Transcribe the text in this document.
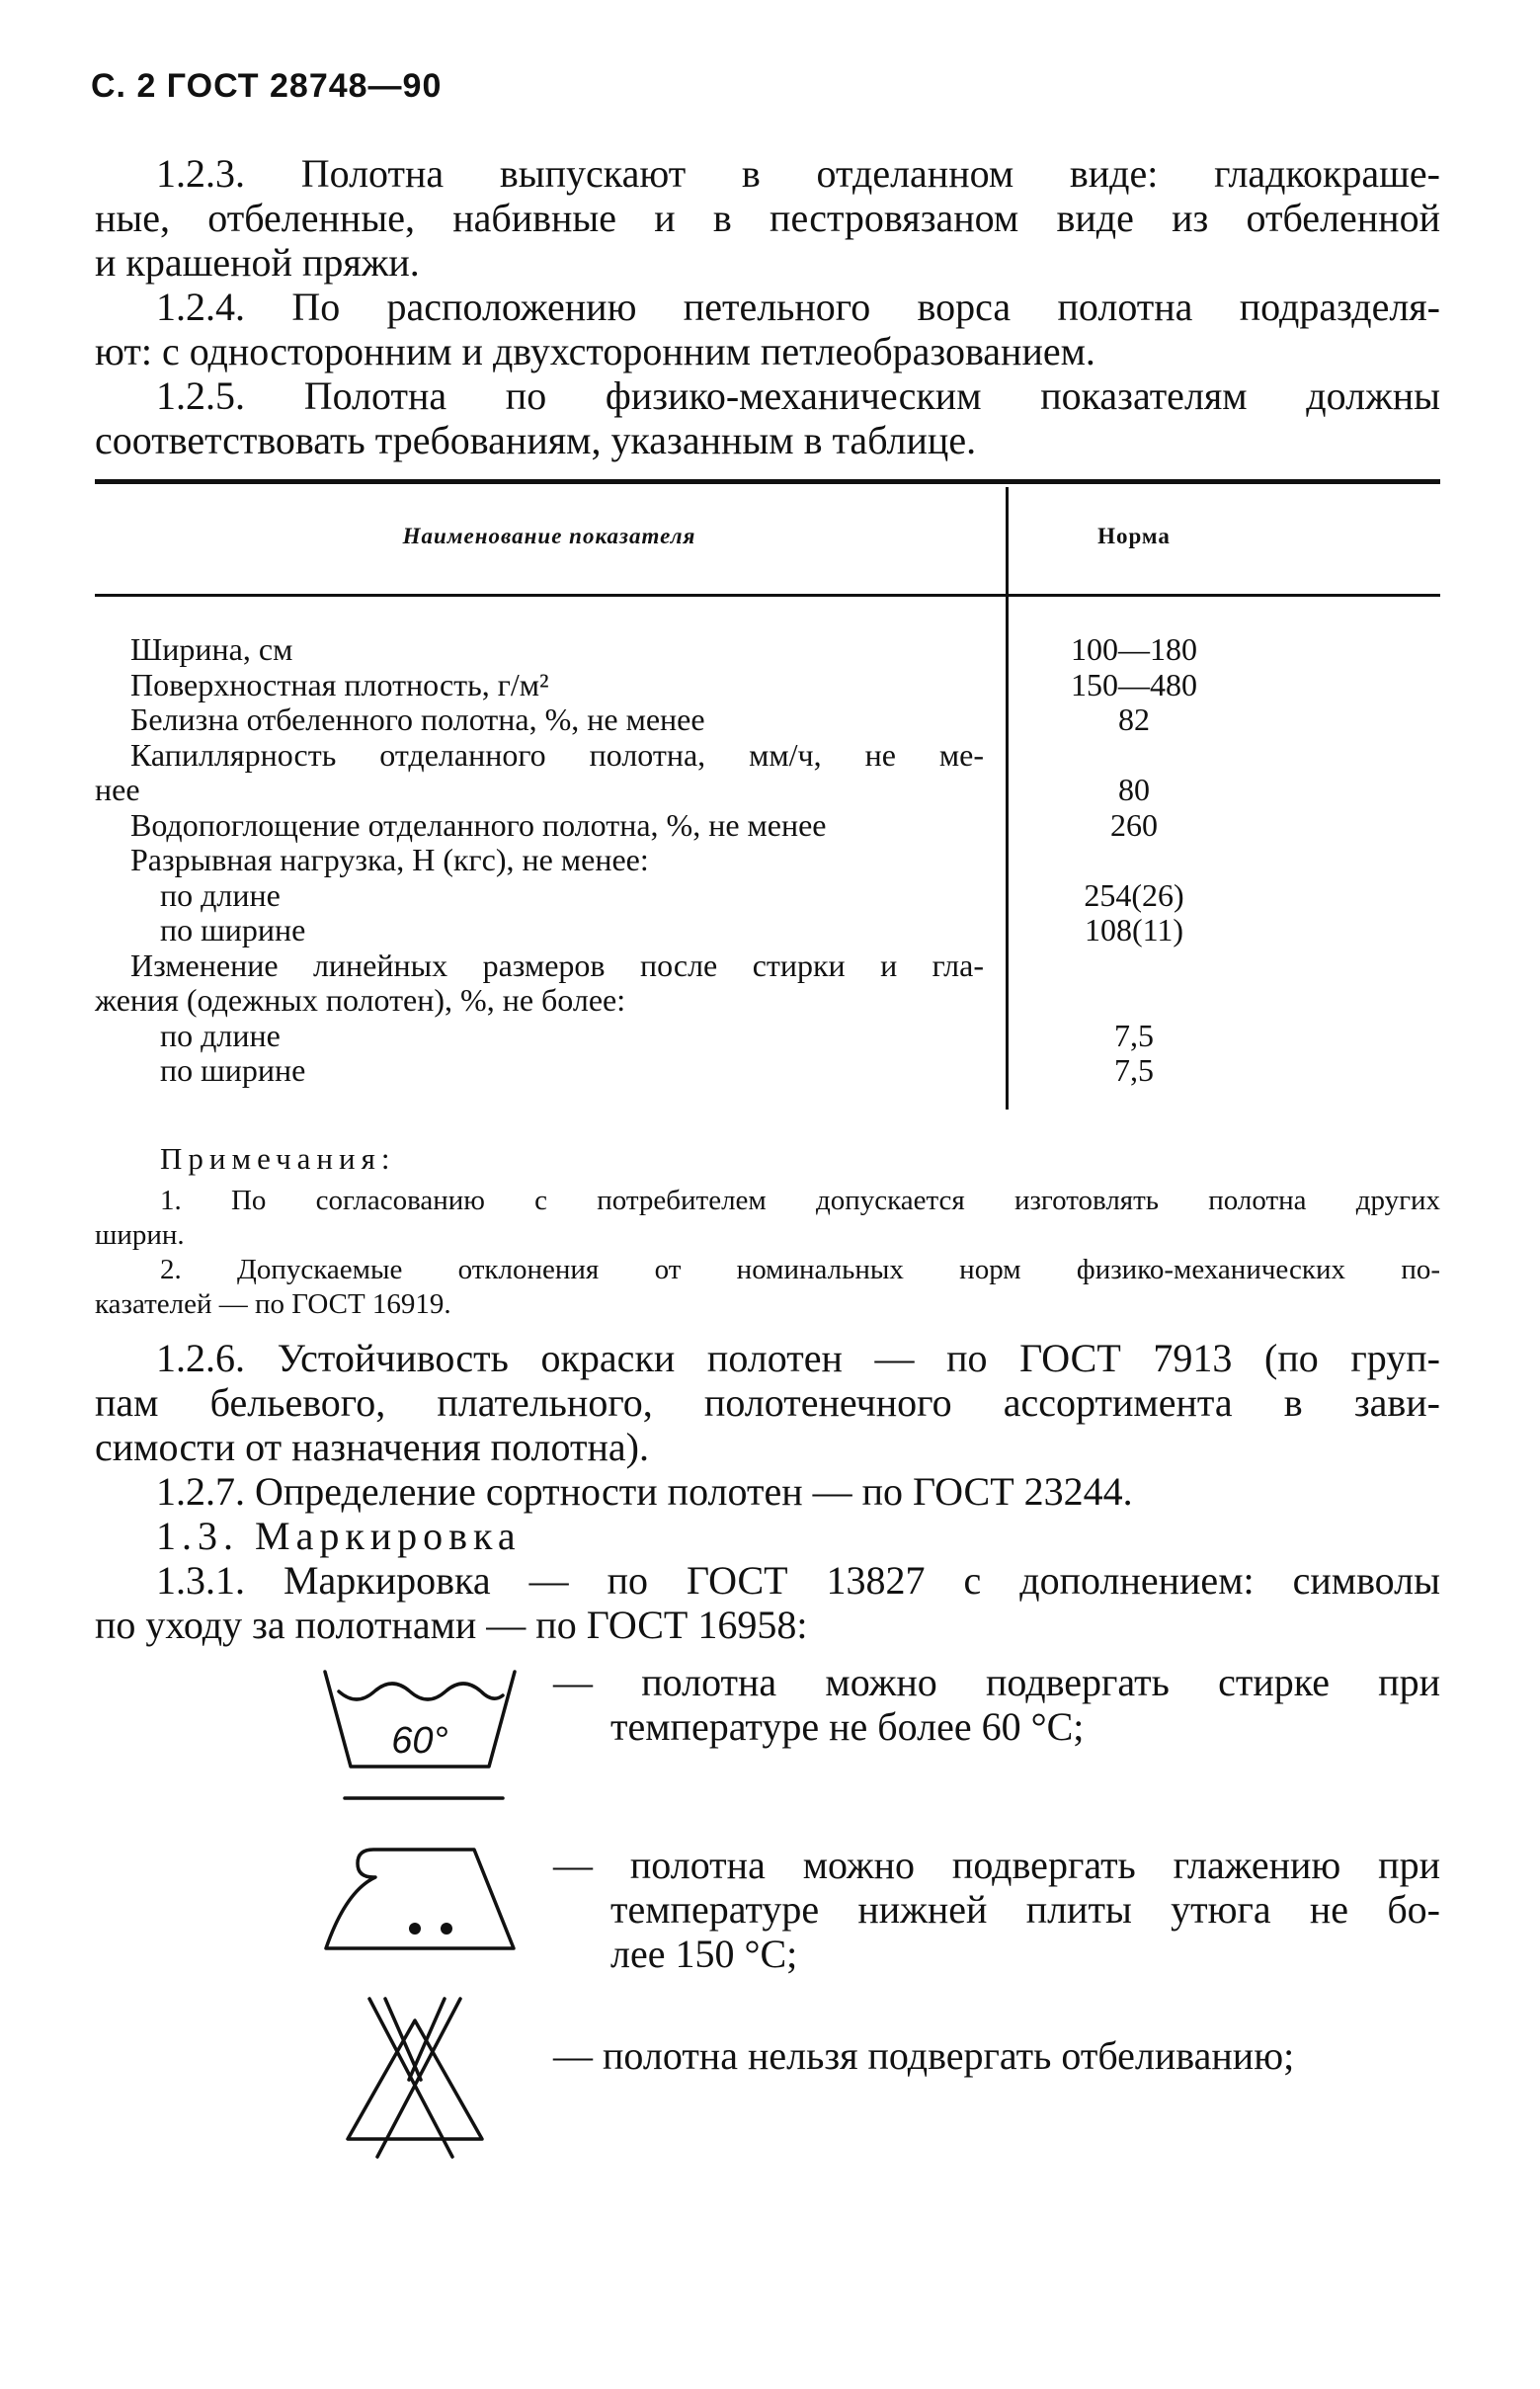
С. 2 ГОСТ 28748—90
1.2.3. Полотна выпускают в отделанном виде: гладкокраше-
ные, отбеленные, набивные и в пестровязаном виде из отбеленной
и крашеной пряжи.
1.2.4. По расположению петельного ворса полотна подразделя-
ют: с односторонним и двухсторонним петлеобразованием.
1.2.5. Полотна по физико-механическим показателям должны
соответствовать требованиям, указанным в таблице.
Наименование показателя	Норма
Ширина, см
Поверхностная плотность, г/м²
Белизна отбеленного полотна, %, не менее
Капиллярность отделанного полотна, мм/ч, не ме-
нее
Водопоглощение отделанного полотна, %, не менее
Разрывная нагрузка, Н (кгс), не менее:
по длине
по ширине
Изменение линейных размеров после стирки и гла-
жения (одежных полотен), %, не более:
по длине
по ширине
100—180
150—480
82

80
260

254(26)
108(11)

7,5
7,5
Примечания:
1. По согласованию с потребителем допускается изготовлять полотна других
ширин.
2. Допускаемые отклонения от номинальных норм физико-механических по-
казателей — по ГОСТ 16919.
1.2.6. Устойчивость окраски полотен — по ГОСТ 7913 (по груп-
пам бельевого, плательного, полотенечного ассортимента в зави-
симости от назначения полотна).
1.2.7. Определение сортности полотен — по ГОСТ 23244.
1.3. Маркировка
1.3.1. Маркировка — по ГОСТ 13827 с дополнением: символы
по уходу за полотнами — по ГОСТ 16958:
60°
— полотна можно подвергать стирке при
температуре не более 60 °С;
— полотна можно подвергать глажению при
температуре нижней плиты утюга не бо-
лее 150 °С;
— полотна нельзя подвергать отбеливанию;
